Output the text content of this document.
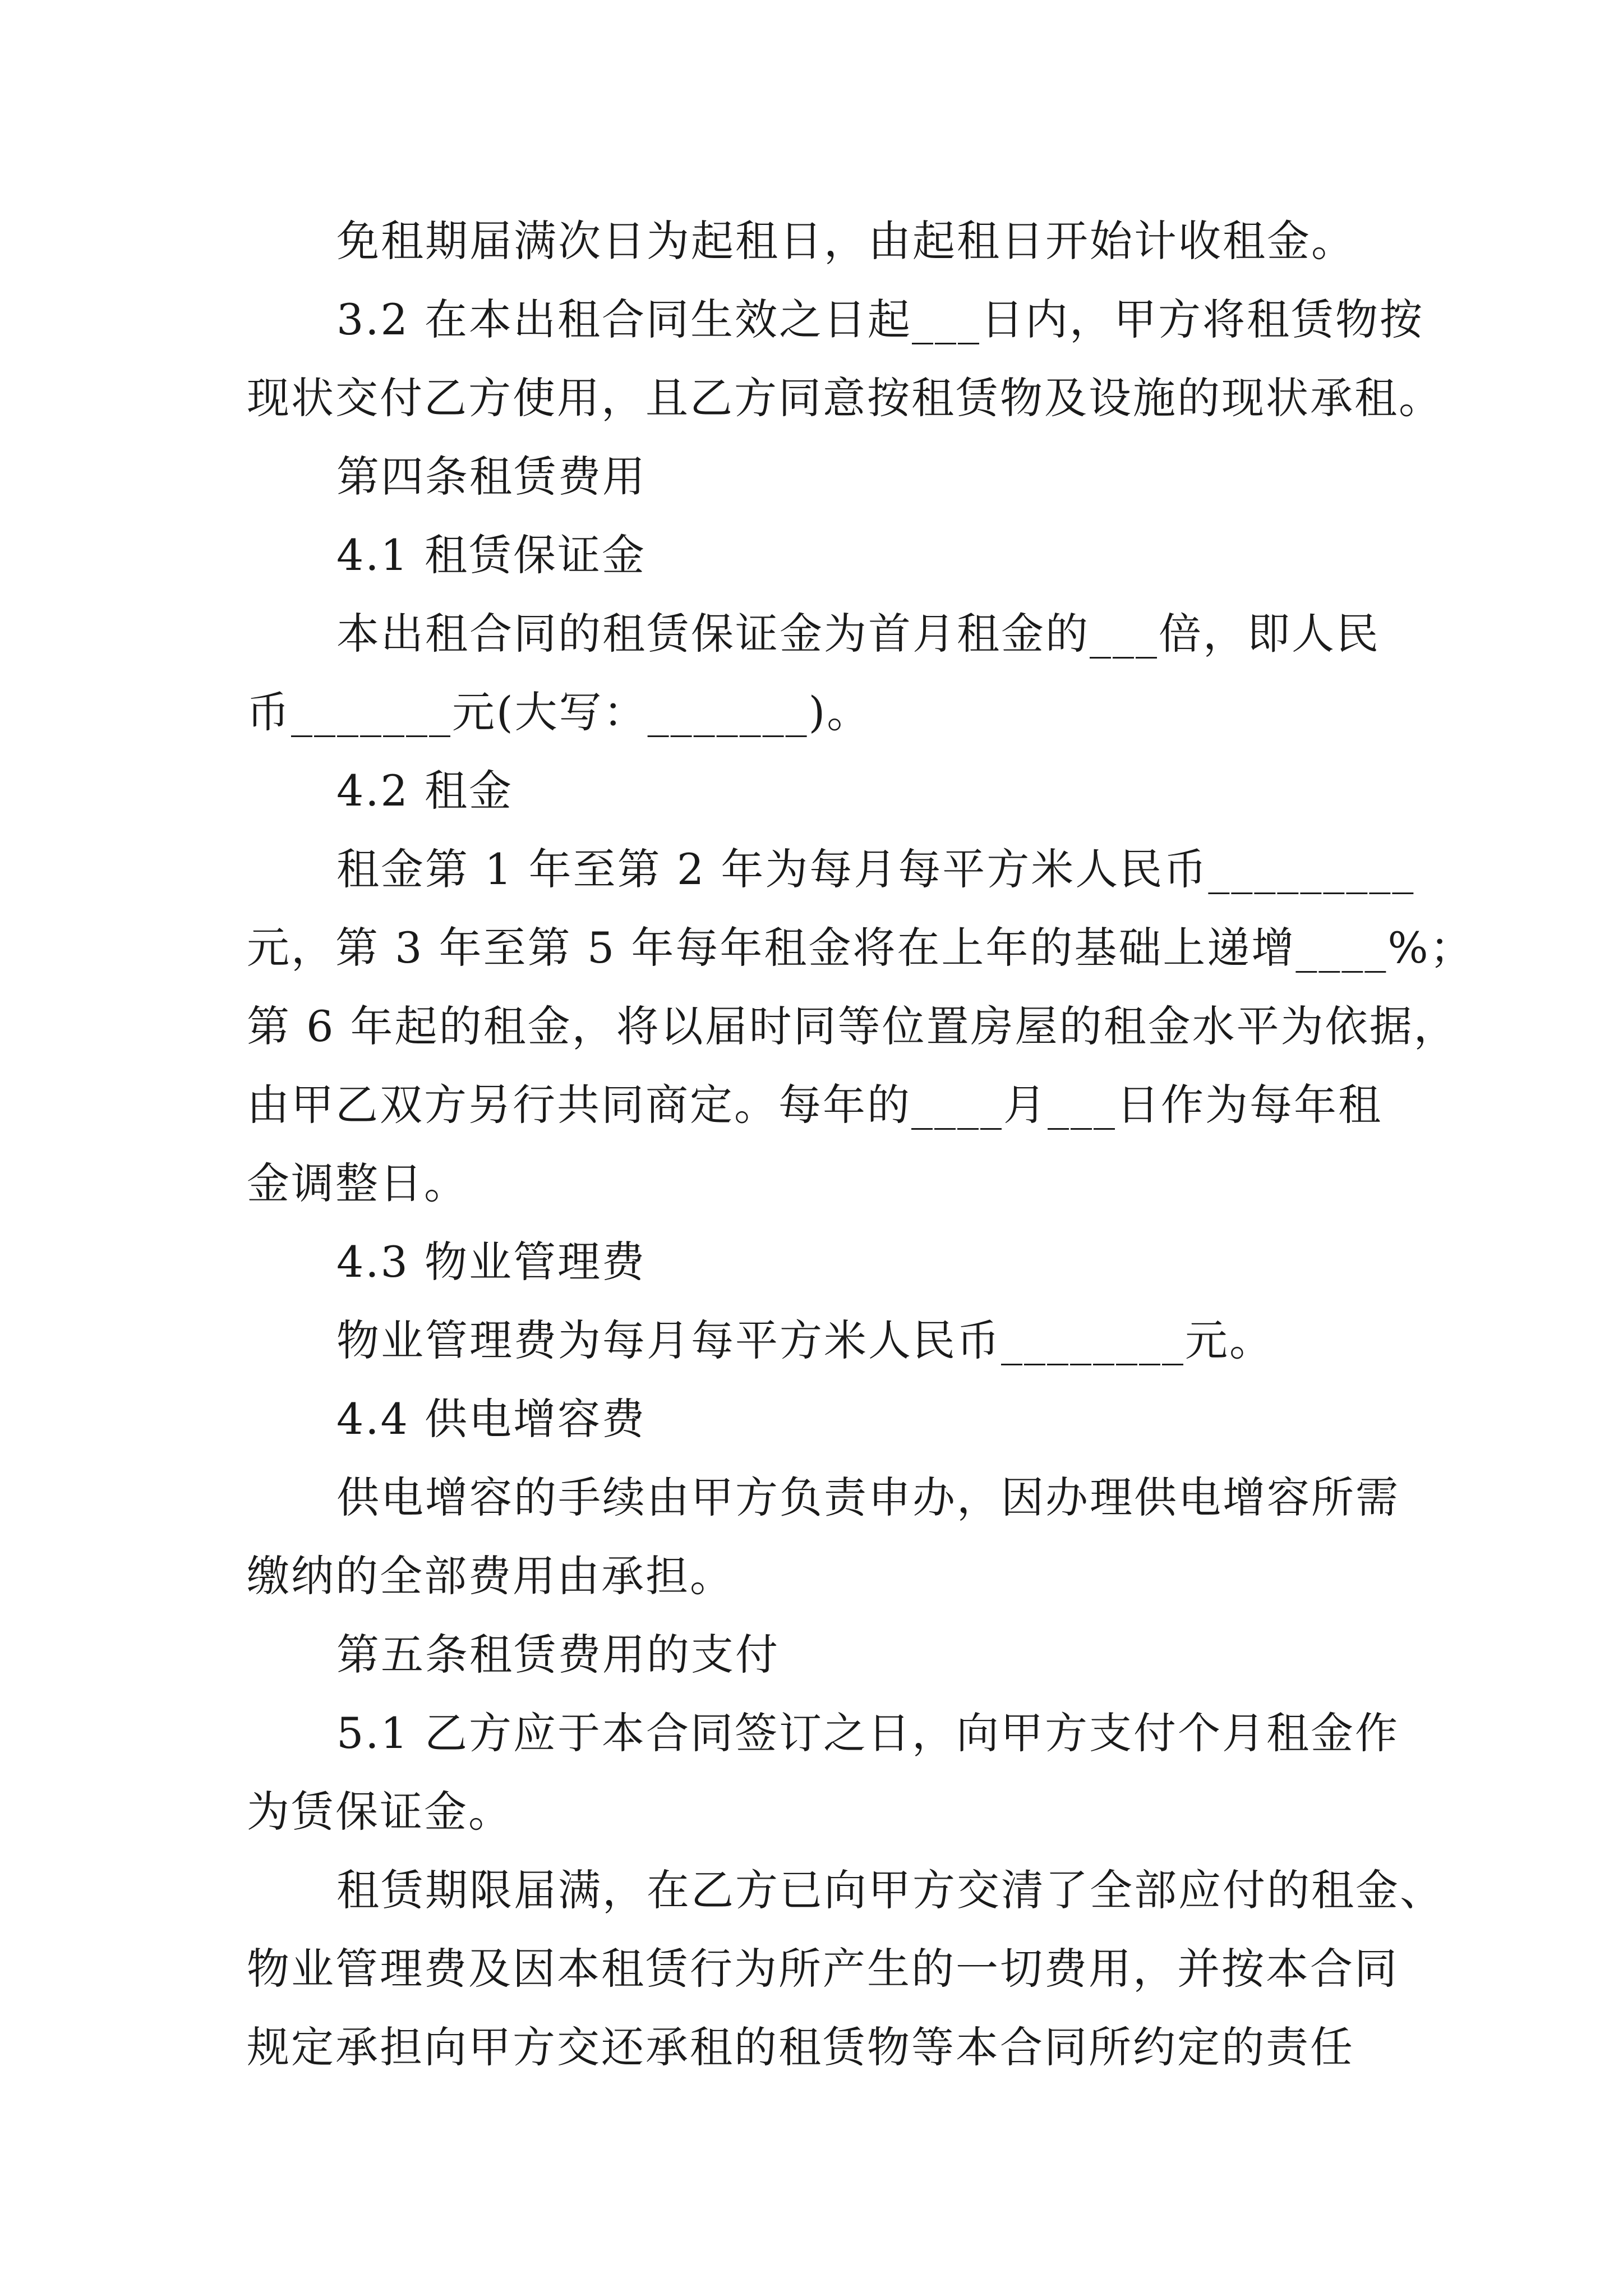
免租期届满次日为起租日，由起租日开始计收租金。
3.2 在本出租合同生效之日起___日内，甲方将租赁物按
现状交付乙方使用，且乙方同意按租赁物及设施的现状承租。
第四条租赁费用
4.1 租赁保证金
本出租合同的租赁保证金为首月租金的___倍，即人民
币_______元(大写：_______)。
4.2 租金
租金第 1 年至第 2 年为每月每平方米人民币_________
元，第 3 年至第 5 年每年租金将在上年的基础上递增____%；
第 6 年起的租金，将以届时同等位置房屋的租金水平为依据，
由甲乙双方另行共同商定。每年的____月___日作为每年租
金调整日。
4.3 物业管理费
物业管理费为每月每平方米人民币________元。
4.4 供电增容费
供电增容的手续由甲方负责申办，因办理供电增容所需
缴纳的全部费用由承担。
第五条租赁费用的支付
5.1 乙方应于本合同签订之日，向甲方支付个月租金作
为赁保证金。
租赁期限届满，在乙方已向甲方交清了全部应付的租金、
物业管理费及因本租赁行为所产生的一切费用，并按本合同
规定承担向甲方交还承租的租赁物等本合同所约定的责任
